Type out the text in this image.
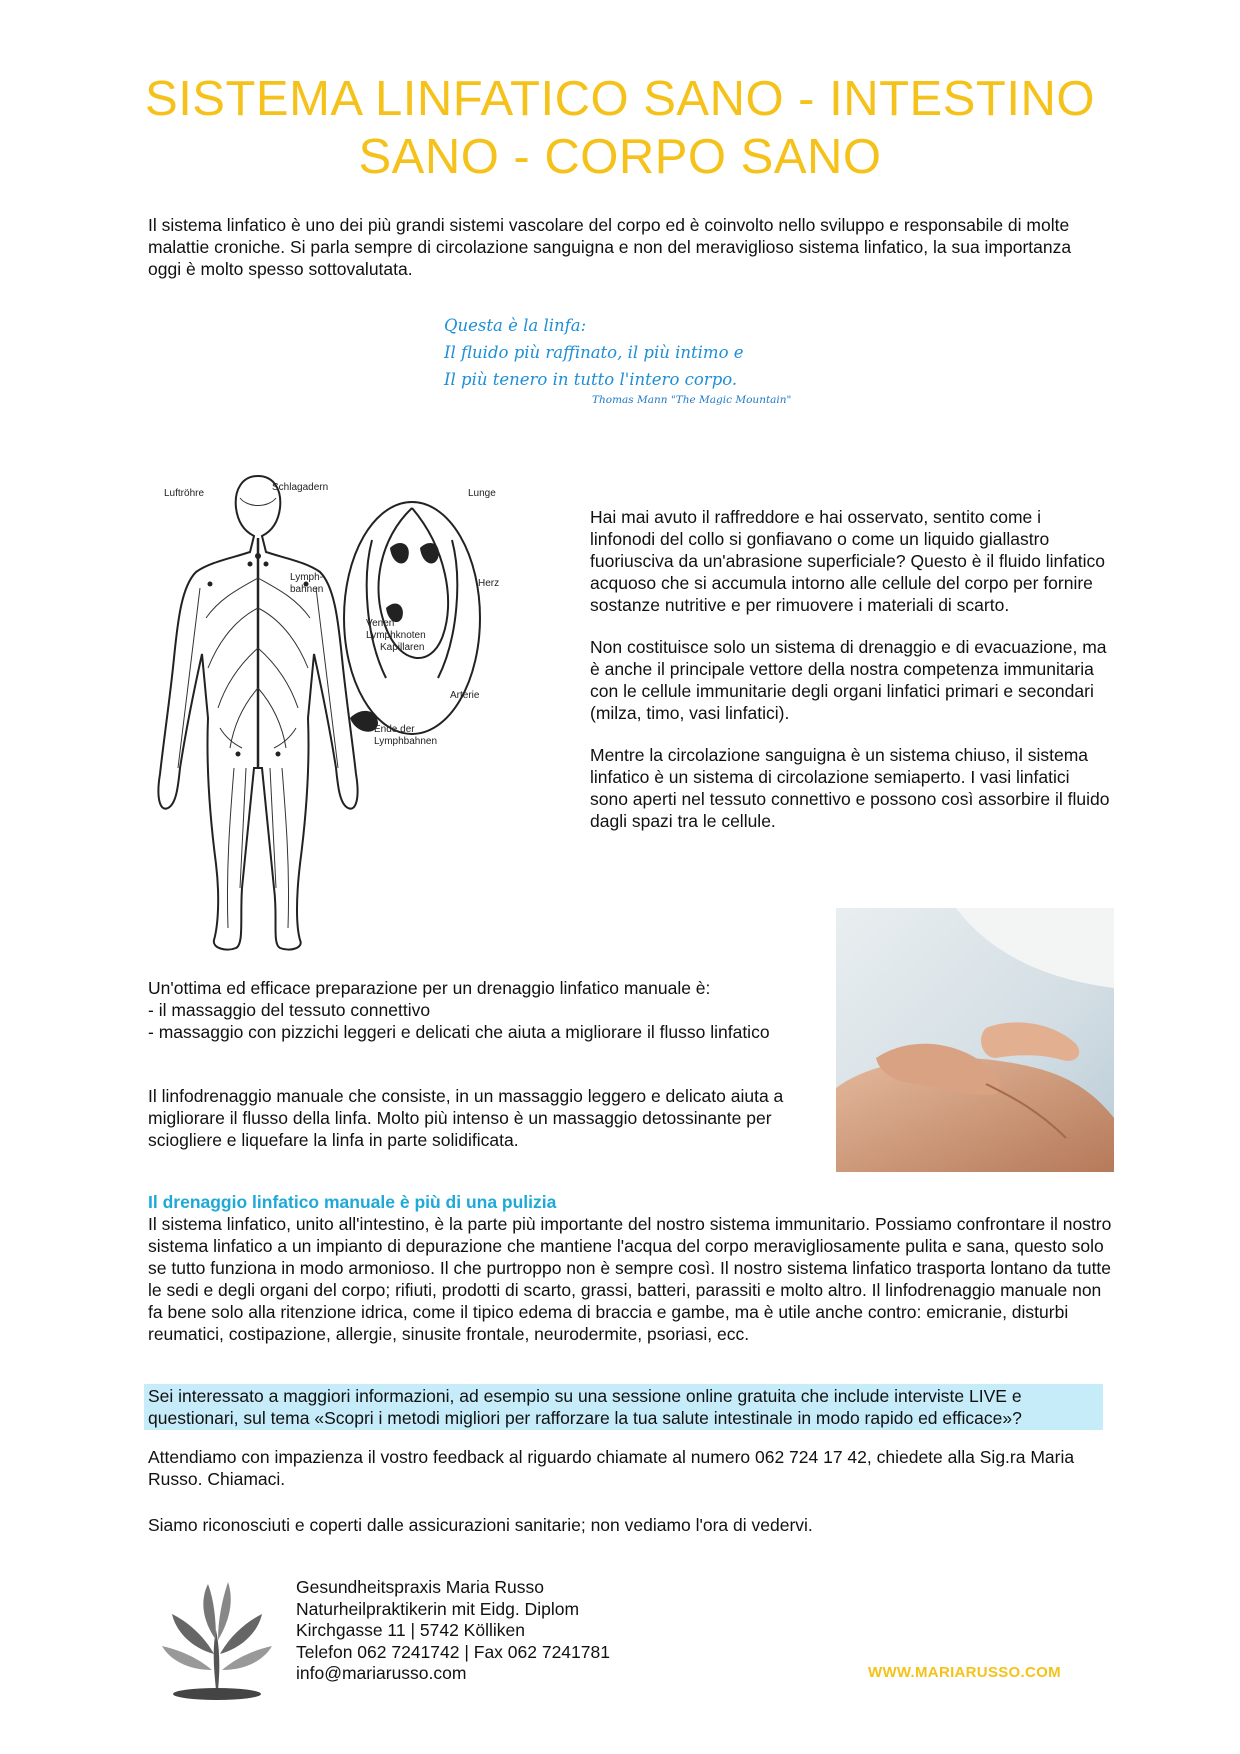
SISTEMA LINFATICO SANO - INTESTINO
SANO - CORPO SANO

Il sistema linfatico è uno dei più grandi sistemi vascolare del corpo ed è coinvolto nello sviluppo e responsabile di molte malattie croniche. Si parla sempre di circolazione sanguigna e non del meraviglioso sistema linfatico, la sua importanza oggi è molto spesso sottovalutata.

Questa è la linfa:
Il fluido più raffinato, il più intimo e
Il più tenero in tutto l'intero corpo.
Thomas Mann "The Magic Mountain"
Luftröhre
Schlagadern
Lunge
Lymph-
bahnen
Herz
Venen
Lymphknoten
Kapillaren
Arterie
Ende der
Lymphbahnen

Hai mai avuto il raffreddore e hai osservato, sentito come i linfonodi del collo si gonfiavano o come un liquido giallastro fuoriusciva da un'abrasione superficiale? Questo è il fluido linfatico acquoso che si accumula intorno alle cellule del corpo per fornire sostanze nutritive e per rimuovere i materiali di scarto.

Non costituisce solo un sistema di drenaggio e di evacuazione, ma è anche il principale vettore della nostra competenza immunitaria con le cellule immunitarie degli organi linfatici primari e secondari (milza, timo, vasi linfatici).

Mentre la circolazione sanguigna è un sistema chiuso, il sistema linfatico è un sistema di circolazione semiaperto. I vasi linfatici sono aperti nel tessuto connettivo e possono così assorbire il fluido dagli spazi tra le cellule.

Un'ottima ed efficace preparazione per un drenaggio linfatico manuale è:
- il massaggio del tessuto connettivo
- massaggio con pizzichi leggeri e delicati che aiuta a migliorare il flusso linfatico

Il linfodrenaggio manuale che consiste, in un massaggio leggero e delicato aiuta a migliorare il flusso della linfa. Molto più intenso è un massaggio detossinante per sciogliere e liquefare la linfa in parte solidificata.

Il drenaggio linfatico manuale è più di una pulizia

Il sistema linfatico, unito all'intestino, è la parte più importante del nostro sistema immunitario. Possiamo confrontare il nostro sistema linfatico a un impianto di depurazione che mantiene l'acqua del corpo meravigliosamente pulita e sana, questo solo se tutto funziona in modo armonioso. Il che purtroppo non è sempre così. Il nostro sistema linfatico trasporta lontano da tutte le sedi e degli organi del corpo; rifiuti, prodotti di scarto, grassi, batteri, parassiti e molto altro. Il linfodrenaggio manuale non fa bene solo alla ritenzione idrica, come il tipico edema di braccia e gambe, ma è utile anche contro: emicranie, disturbi reumatici, costipazione, allergie, sinusite frontale, neurodermite, psoriasi, ecc.

Sei interessato a maggiori informazioni, ad esempio su una sessione online gratuita che include interviste LIVE e questionari, sul tema «Scopri i metodi migliori per rafforzare la tua salute intestinale in modo rapido ed efficace»?

Attendiamo con impazienza il vostro feedback al riguardo chiamate al numero 062 724 17 42, chiedete alla Sig.ra Maria Russo. Chiamaci.

Siamo riconosciuti e coperti dalle assicurazioni sanitarie; non vediamo l'ora di vedervi.

Gesundheitspraxis Maria Russo
Naturheilpraktikerin mit Eidg. Diplom
Kirchgasse 11 | 5742 Kölliken
Telefon 062 7241742 | Fax 062 7241781
info@mariarusso.com	WWW.MARIARUSSO.COM
